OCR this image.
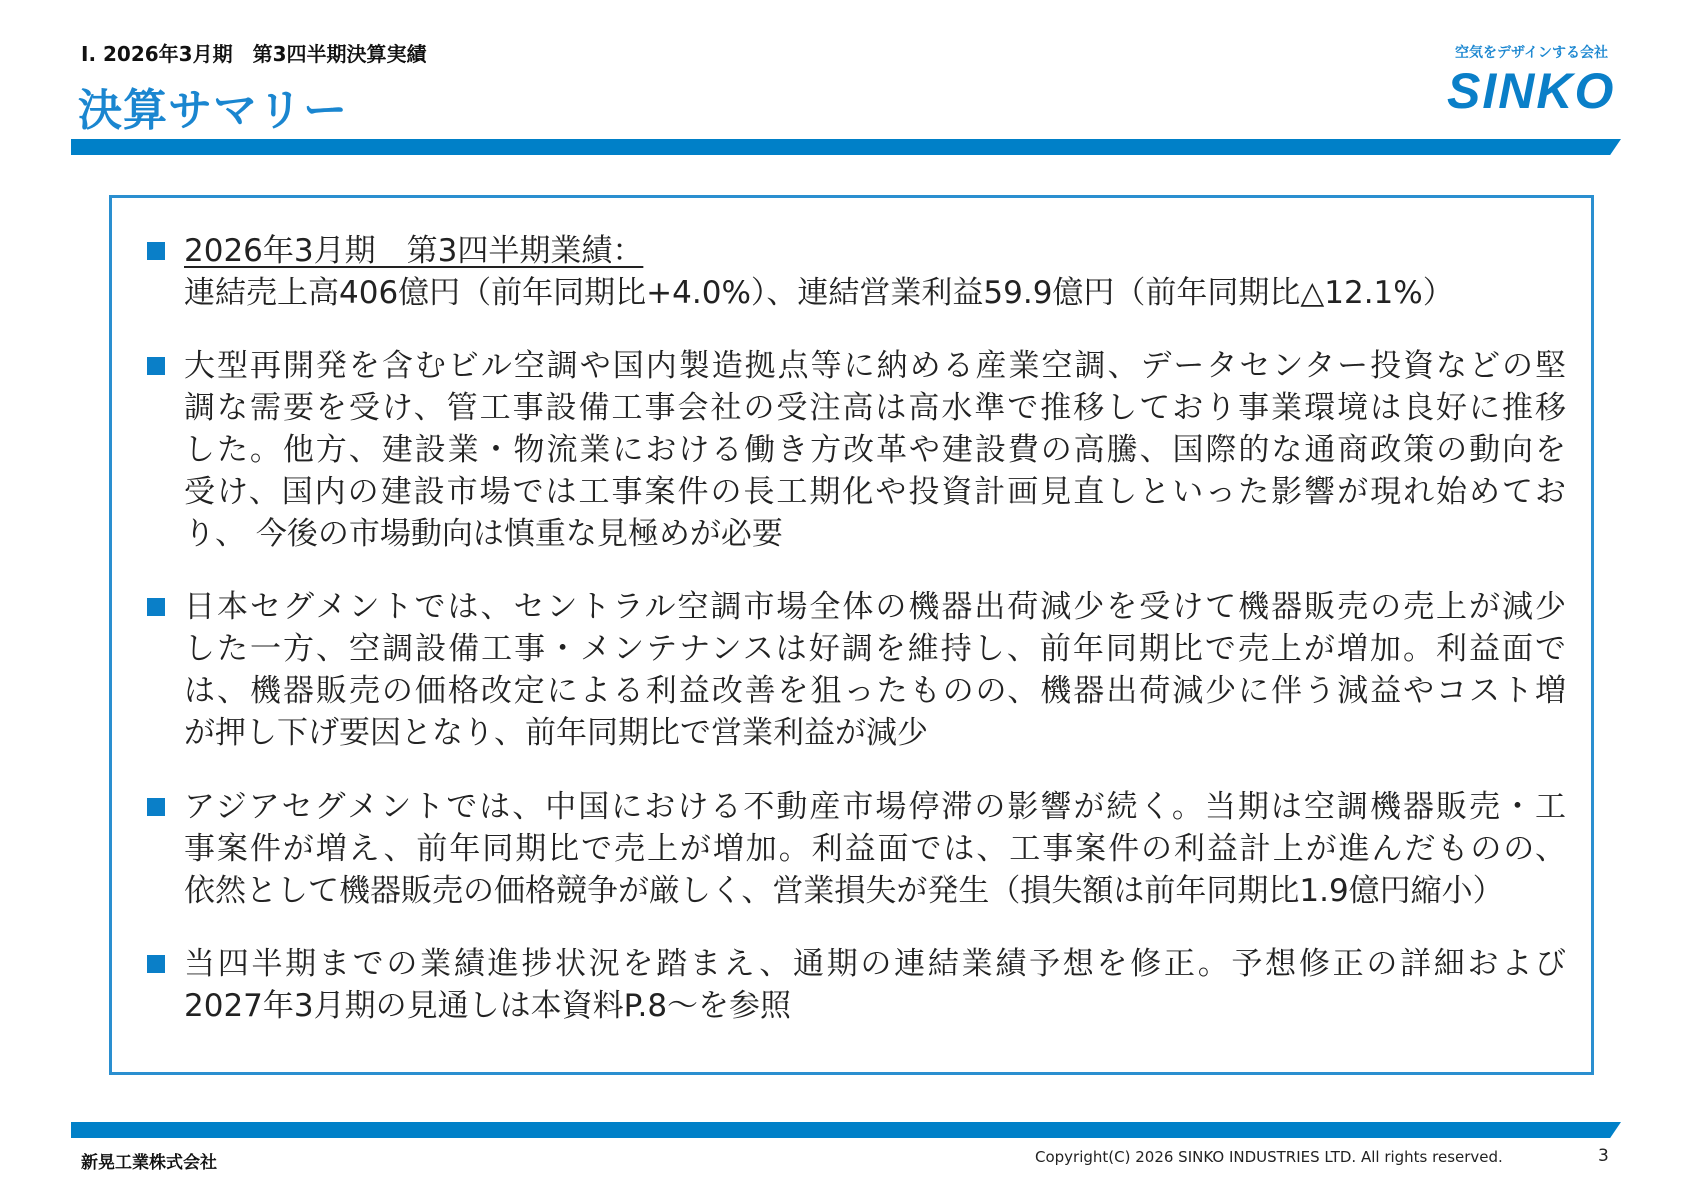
Ⅰ. 2026年3月期　第3四半期決算実績
決算サマリー
空気をデザインする会社
SINKO
2026年3月期　第3四半期業績：
連結売上高406億円（前年同期比+4.0%）、連結営業利益59.9億円（前年同期比△12.1%）
大型再開発を含むビル空調や国内製造拠点等に納める産業空調、データセンター投資などの堅
調な需要を受け、管工事設備工事会社の受注高は高水準で推移しており事業環境は良好に推移
した。他方、建設業・物流業における働き方改革や建設費の高騰、国際的な通商政策の動向を
受け、国内の建設市場では工事案件の長工期化や投資計画見直しといった影響が現れ始めてお
り、 今後の市場動向は慎重な見極めが必要
日本セグメントでは、セントラル空調市場全体の機器出荷減少を受けて機器販売の売上が減少
した一方、空調設備工事・メンテナンスは好調を維持し、前年同期比で売上が増加。利益面で
は、機器販売の価格改定による利益改善を狙ったものの、機器出荷減少に伴う減益やコスト増
が押し下げ要因となり、前年同期比で営業利益が減少
アジアセグメントでは、中国における不動産市場停滞の影響が続く。当期は空調機器販売・工
事案件が増え、前年同期比で売上が増加。利益面では、工事案件の利益計上が進んだものの、
依然として機器販売の価格競争が厳しく、営業損失が発生（損失額は前年同期比1.9億円縮小）
当四半期までの業績進捗状況を踏まえ、通期の連結業績予想を修正。予想修正の詳細および
2027年3月期の見通しは本資料P.8～を参照
新晃工業株式会社	Copyright(C) 2026 SINKO INDUSTRIES LTD. All rights reserved.	3
